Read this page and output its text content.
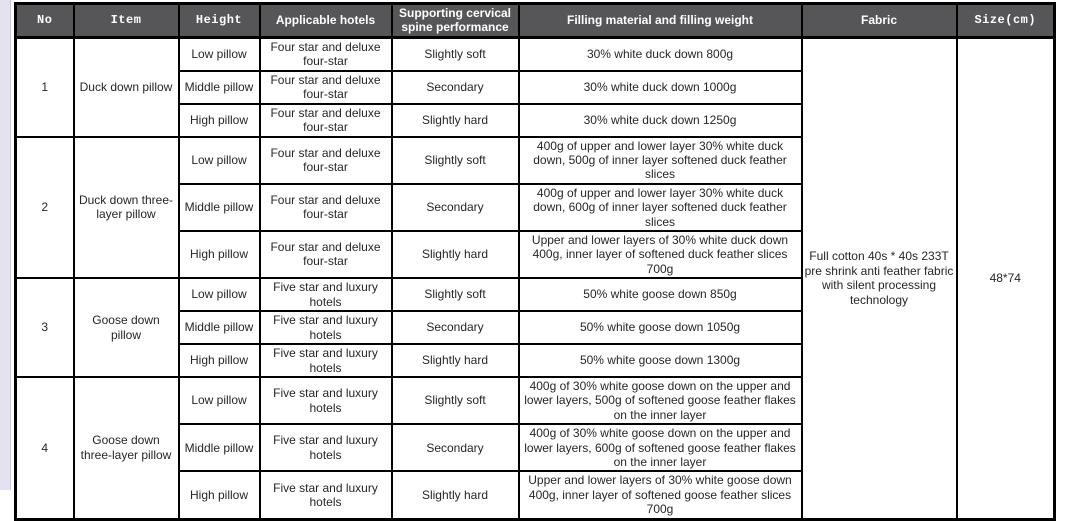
No	Item	Height	Applicable hotels	Supporting cervical spine performance	Filling material and filling weight	Fabric	Size(cm)
1	Duck down pillow	Low pillow	Four star and deluxe four-star	Slightly soft	30% white duck down 800g	Full cotton 40s * 40s 233T pre shrink anti feather fabric with silent processing technology	48*74
		Middle pillow	Four star and deluxe four-star	Secondary	30% white duck down 1000g		
		High pillow	Four star and deluxe four-star	Slightly hard	30% white duck down 1250g		
2	Duck down three-layer pillow	Low pillow	Four star and deluxe four-star	Slightly soft	400g of upper and lower layer 30% white duck down, 500g of inner layer softened duck feather slices		
		Middle pillow	Four star and deluxe four-star	Secondary	400g of upper and lower layer 30% white duck down, 600g of inner layer softened duck feather slices		
		High pillow	Four star and deluxe four-star	Slightly hard	Upper and lower layers of 30% white duck down 400g, inner layer of softened duck feather slices 700g		
3	Goose down pillow	Low pillow	Five star and luxury hotels	Slightly soft	50% white goose down 850g		
		Middle pillow	Five star and luxury hotels	Secondary	50% white goose down 1050g		
		High pillow	Five star and luxury hotels	Slightly hard	50% white goose down 1300g		
4	Goose down three-layer pillow	Low pillow	Five star and luxury hotels	Slightly soft	400g of 30% white goose down on the upper and lower layers, 500g of softened goose feather flakes on the inner layer		
		Middle pillow	Five star and luxury hotels	Secondary	400g of 30% white goose down on the upper and lower layers, 600g of softened goose feather flakes on the inner layer		
		High pillow	Five star and luxury hotels	Slightly hard	Upper and lower layers of 30% white goose down 400g, inner layer of softened goose feather slices 700g		
